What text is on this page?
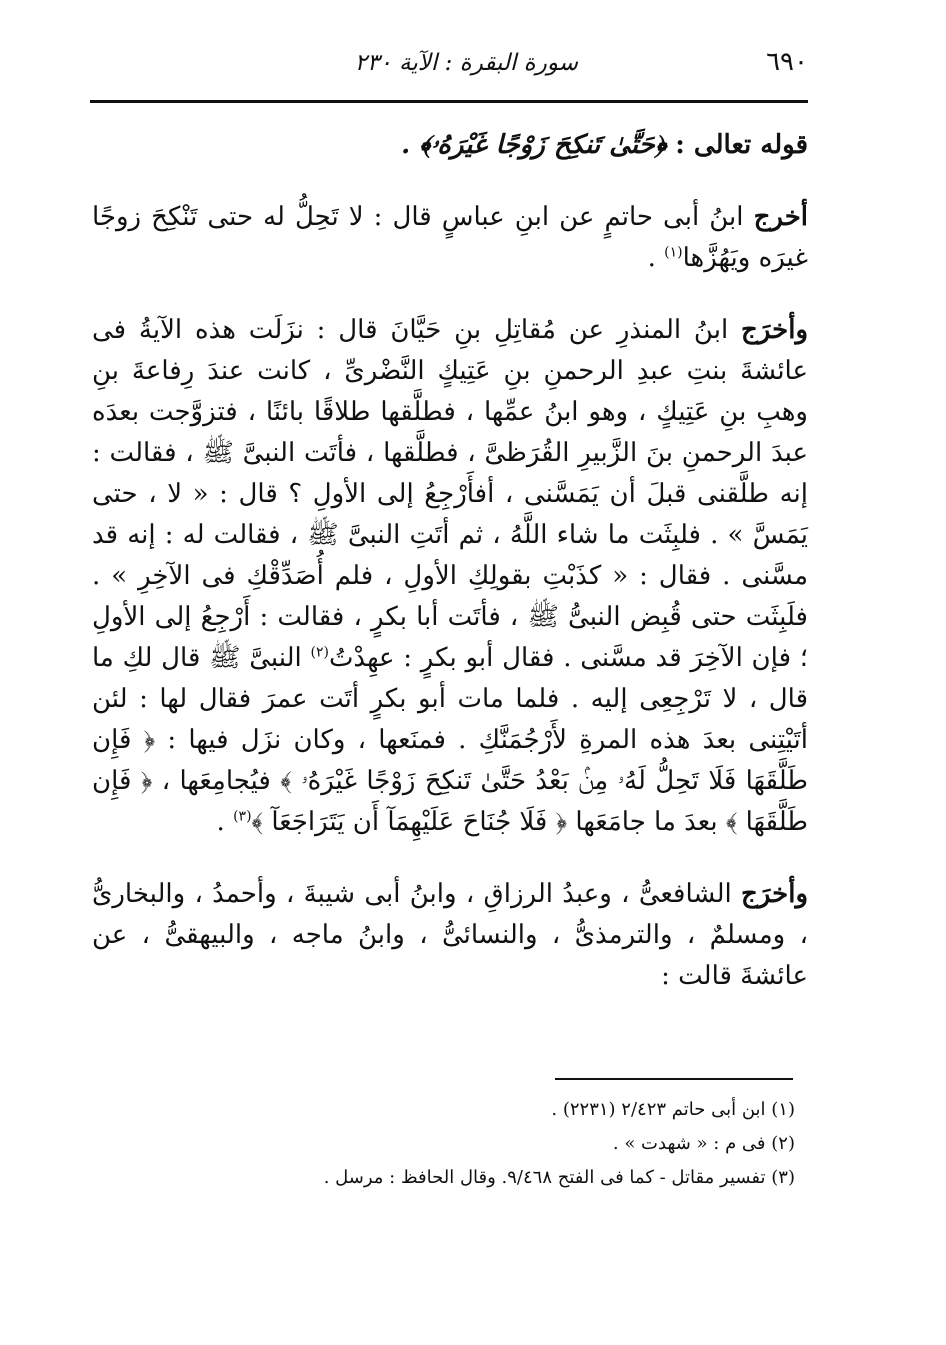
٦٩٠
سورة البقرة : الآية ٢٣٠

قوله تعالى : ﴿حَتَّىٰ تَنكِحَ زَوْجًا غَيْرَهُۥ﴾ .

أخرج ابنُ أبى حاتمٍ عن ابنِ عباسٍ قال : لا تَحِلُّ له حتى تَنْكِحَ زوجًا غيرَه ويَهُزَّها$^{(١)}$ .

وأخرَج ابنُ المنذرِ عن مُقاتِلِ بنِ حَيَّانَ قال : نزَلَت هذه الآيةُ فى عائشةَ بنتِ عبدِ الرحمنِ بنِ عَتِيكٍ النَّضْرىِّ ، كانت عندَ رِفاعةَ بنِ وهبِ بنِ عَتِيكٍ ، وهو ابنُ عمِّها ، فطلَّقها طلاقًا بائنًا ، فتزوَّجت بعدَه عبدَ الرحمنِ بنَ الزَّبيرِ القُرَظىَّ ، فطلَّقها ، فأتَت النبىَّ ﷺ ، فقالت : إنه طلَّقنى قبلَ أن يَمَسَّنى ، أفأَرْجِعُ إلى الأولِ ؟ قال : « لا ، حتى يَمَسَّ » . فلبِثَت ما شاء اللَّهُ ، ثم أتَتِ النبىَّ ﷺ ، فقالت له : إنه قد مسَّنى . فقال : « كذَبْتِ بقولِكِ الأولِ ، فلم أُصَدِّقْكِ فى الآخِرِ » . فلَبِثَت حتى قُبِض النبىُّ ﷺ ، فأتَت أبا بكرٍ ، فقالت : أَرْجِعُ إلى الأولِ ؛ فإن الآخِرَ قد مسَّنى . فقال أبو بكرٍ : عهِدْتُ$^{(٢)}$ النبىَّ ﷺ قال لكِ ما قال ، لا تَرْجِعِى إليه . فلما مات أبو بكرٍ أتَت عمرَ فقال لها : لئن أتَيْتِنى بعدَ هذه المرةِ لأَرْجُمَنَّكِ . فمنَعها ، وكان نزَل فيها : ﴿ فَإِن طَلَّقَهَا فَلَا تَحِلُّ لَهُۥ مِنۢ بَعْدُ حَتَّىٰ تَنكِحَ زَوْجًا غَيْرَهُۥ ﴾ فيُجامِعَها ، ﴿ فَإِن طَلَّقَهَا ﴾ بعدَ ما جامَعَها ﴿ فَلَا جُنَاحَ عَلَيْهِمَآ أَن يَتَرَاجَعَآ ﴾$^{(٣)}$ .

وأخرَج الشافعىُّ ، وعبدُ الرزاقِ ، وابنُ أبى شيبةَ ، وأحمدُ ، والبخارىُّ ، ومسلمٌ ، والترمذىُّ ، والنسائىُّ ، وابنُ ماجه ، والبيهقىُّ ، عن عائشةَ قالت :

(١) ابن أبى حاتم ٢/٤٢٣ (٢٢٣١) .

(٢) فى م : « شهدت » .

(٣) تفسير مقاتل - كما فى الفتح ٩/٤٦٨. وقال الحافظ : مرسل .
